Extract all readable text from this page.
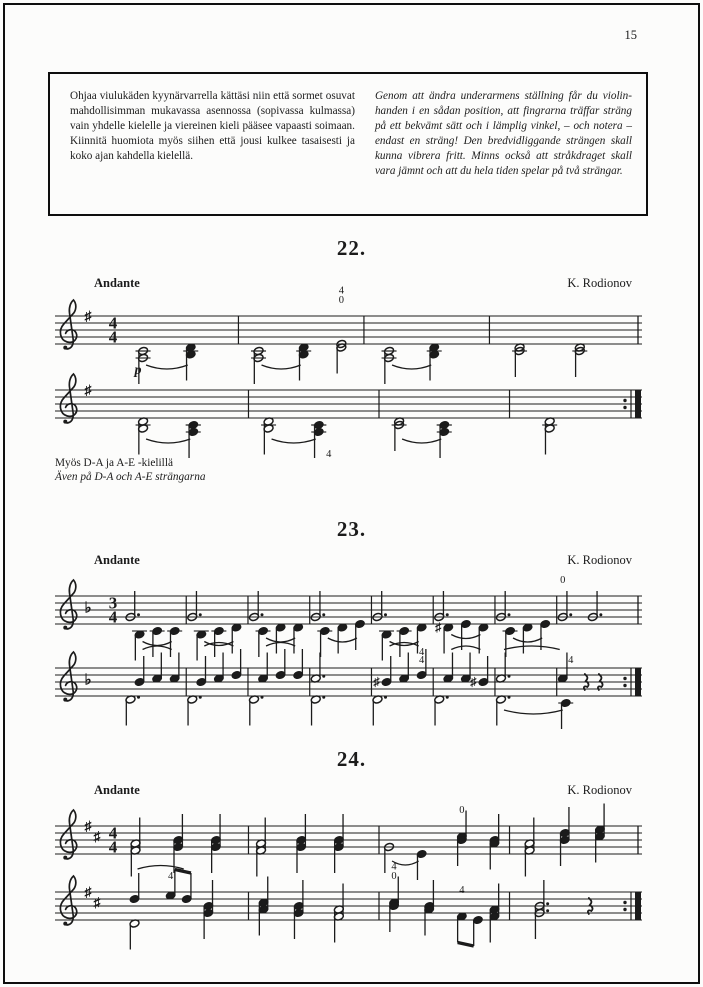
15

Ohjaa viulukäden kyynärvarrella kättäsi niin että sormet osuvat mahdollisimman mukavassa asennossa (sopivassa kulmassa) vain yhdelle kielelle ja viereinen kieli pääsee vapaasti soimaan. Kiinnitä huomiota myös siihen että jousi kulkee tasaisesti ja koko ajan kahdella kielellä.

Genom att ändra underarmens ställning får du violinhanden i en sådan position, att fingrarna träffar sträng på ett bekvämt sätt och i lämplig vinkel, – och notera – endast en sträng! Den bredvidliggande strängen skall kunna vibrera fritt. Minns också att stråkdraget skall vara jämnt och att du hela tiden spelar på två strängar.

22.
Andante	K. Rodionov
♯ 4
4
p
4
0
♯
4
Myös D-A ja A-E -kielillä
Även på D-A och A-E strängarna
23.
Andante	K. Rodionov
♭ 3
4
♯
4
0
4
♭	♯	♯
4
24.
Andante	K. Rodionov
♯
♯ 4
4
0
4
♯
♯
4
4
0
